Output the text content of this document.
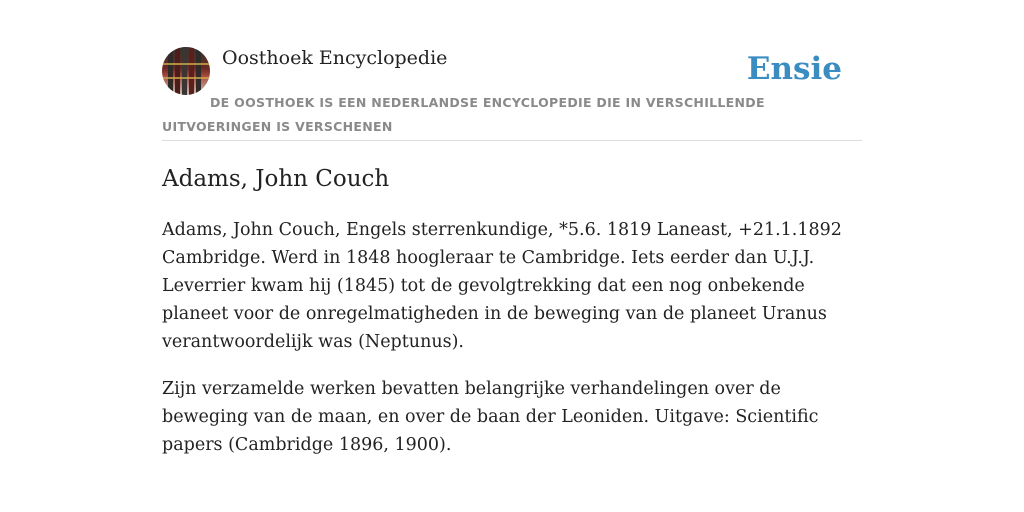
Oosthoek Encyclopedie	Ensie
DE OOSTHOEK IS EEN NEDERLANDSE ENCYCLOPEDIE DIE IN VERSCHILLENDE UITVOERINGEN IS VERSCHENEN
Adams, John Couch

Adams, John Couch, Engels sterrenkundige, *5.6. 1819 Laneast, +21.1.1892 Cambridge. Werd in 1848 hoogleraar te Cambridge. Iets eerder dan U.J.J. Leverrier kwam hij (1845) tot de gevolgtrekking dat een nog onbekende planeet voor de onregelmatigheden in de beweging van de planeet Uranus verantwoordelijk was (Neptunus).

Zijn verzamelde werken bevatten belangrijke verhandelingen over de beweging van de maan, en over de baan der Leoniden. Uitgave: Scientific papers (Cambridge 1896, 1900).
